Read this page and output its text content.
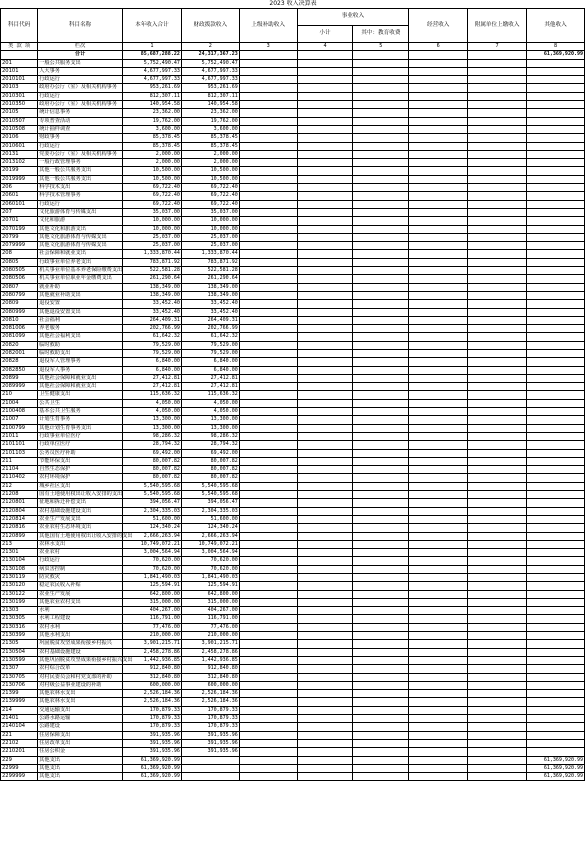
2023 收入决算表
科目代码	科目名称	本年收入合计	财政拨款收入	上级补助收入	事业收入		经营收入	附属单位上缴收入	其他收入
					小计	其中：教育收费			
类 款 项	栏次	1	2	3	4	5	6	7	8
	合计	85,687,288.22	24,317,367.23						61,369,920.99
201	一般公共服务支出	5,752,490.47	5,752,490.47						
20101	人大事务	4,677,997.33	4,677,997.33						
2010101	行政运行	4,677,997.33	4,677,997.33						
20103	政府办公厅（室）及相关机构事务	953,261.69	953,261.69						
2010301	行政运行	812,307.11	812,307.11						
2010350	政府办公厅（室）及相关机构事务	140,954.58	140,954.58						
20105	统计信息事务	23,362.00	23,362.00						
2010507	专项普查活动	19,762.00	19,762.00						
2010508	统计抽样调查	3,600.00	3,600.00						
20106	财政事务	85,378.45	85,378.45						
2010601	行政运行	85,378.45	85,378.45						
20131	党委办公厅（室）及相关机构事务	2,000.00	2,000.00						
2013102	一般行政管理事务	2,000.00	2,000.00						
20199	其他一般公共服务支出	10,500.00	10,500.00						
2019999	其他一般公共服务支出	10,500.00	10,500.00						
206	科学技术支出	69,722.40	69,722.40						
20601	科学技术管理事务	69,722.40	69,722.40						
2060101	行政运行	69,722.40	69,722.40						
207	文化旅游体育与传媒支出	35,037.00	35,037.00						
20701	文化和旅游	10,000.00	10,000.00						
2070199	其他文化和旅游支出	10,000.00	10,000.00						
20799	其他文化旅游体育与传媒支出	25,037.00	25,037.00						
2079999	其他文化旅游体育与传媒支出	25,037.00	25,037.00						
208	社会保障和就业支出	1,333,870.44	1,333,870.44						
20805	行政事业单位养老支出	783,871.92	783,871.92						
2080505	机关事业单位基本养老保险缴费支出	522,581.28	522,581.28						
2080506	机关事业单位职业年金缴费支出	261,290.64	261,290.64						
20807	就业补助	138,349.00	138,349.00						
2080799	其他就业补助支出	138,349.00	138,349.00						
20809	退役安置	33,452.40	33,452.40						
2080999	其他退役安置支出	33,452.40	33,452.40						
20810	社会福利	264,409.31	264,409.31						
2081006	养老服务	202,766.99	202,766.99						
2081099	其他社会福利支出	61,642.32	61,642.32						
20820	临时救助	79,529.00	79,529.00						
2082001	临时救助支出	79,529.00	79,529.00						
20828	退役军人管理事务	6,840.00	6,840.00						
2082850	退役军人事务	6,840.00	6,840.00						
20899	其他社会保障和就业支出	27,412.81	27,412.81						
2089999	其他社会保障和就业支出	27,412.81	27,412.81						
210	卫生健康支出	115,636.32	115,636.32						
21004	公共卫生	4,050.00	4,050.00						
2100408	基本公共卫生服务	4,050.00	4,050.00						
21007	计划生育事务	13,300.00	13,300.00						
2100799	其他计划生育事务支出	13,300.00	13,300.00						
21011	行政事业单位医疗	98,286.32	98,286.32						
2101101	行政单位医疗	28,794.32	28,794.32						
2101103	公务员医疗补助	69,492.00	69,492.00						
211	节能环保支出	80,007.82	80,007.82						
21104	自然生态保护	80,007.82	80,007.82						
2110402	农村环境保护	80,007.82	80,007.82						
212	城乡社区支出	5,540,595.68	5,540,595.68						
21208	国有土地使用权出让收入安排的支出	5,540,595.68	5,540,595.68						
2120801	征地和拆迁补偿支出	394,056.47	394,056.47						
2120804	农村基础设施建设支出	2,304,335.03	2,304,335.03						
2120814	农业生产发展支出	51,600.00	51,600.00						
2120816	农业农村生态环境支出	124,340.24	124,340.24						
2120899	其他国有土地使用权出让收入安排的支出	2,666,263.94	2,666,263.94						
213	农林水支出	10,749,072.21	10,749,072.21						
21301	农业农村	3,004,564.94	3,004,564.94						
2130104	行政运行	70,620.00	70,620.00						
2130108	病虫害控制	70,620.00	70,620.00						
2130119	防灾救灾	1,841,490.03	1,841,490.03						
2130120	稳定农民收入补贴	125,594.91	125,594.91						
2130122	农业生产发展	642,800.00	642,800.00						
2130199	其他农业农村支出	315,000.00	315,000.00						
21303	水利	404,267.00	404,267.00						
2130305	水利工程建设	116,791.00	116,791.00						
2130316	农村水利	77,476.00	77,476.00						
2130399	其他水利支出	210,000.00	210,000.00						
21305	巩固脱贫攻坚成果衔接乡村振兴	3,901,215.71	3,901,215.71						
2130504	农村基础设施建设	2,458,278.86	2,458,278.86						
2130599	其他巩固脱贫攻坚成果衔接乡村振兴支出	1,442,936.85	1,442,936.85						
21307	农村综合改革	912,840.80	912,840.80						
2130705	对村民委员会和村党支部的补助	312,840.80	312,840.80						
2130706	对村级公益事业建设的补助	600,000.00	600,000.00						
21399	其他农林水支出	2,526,184.36	2,526,184.36						
2139999	其他农林水支出	2,526,184.36	2,526,184.36						
214	交通运输支出	170,879.33	170,879.33						
21401	公路水路运输	170,879.33	170,879.33						
2140104	公路建设	170,879.33	170,879.33						
221	住房保障支出	391,935.96	391,935.96						
22102	住房改革支出	391,935.96	391,935.96						
2210201	住房公积金	391,935.96	391,935.96						
229	其他支出	61,369,920.99							61,369,920.99
22999	其他支出	61,369,920.99							61,369,920.99
2299999	其他支出	61,369,920.99							61,369,920.99
